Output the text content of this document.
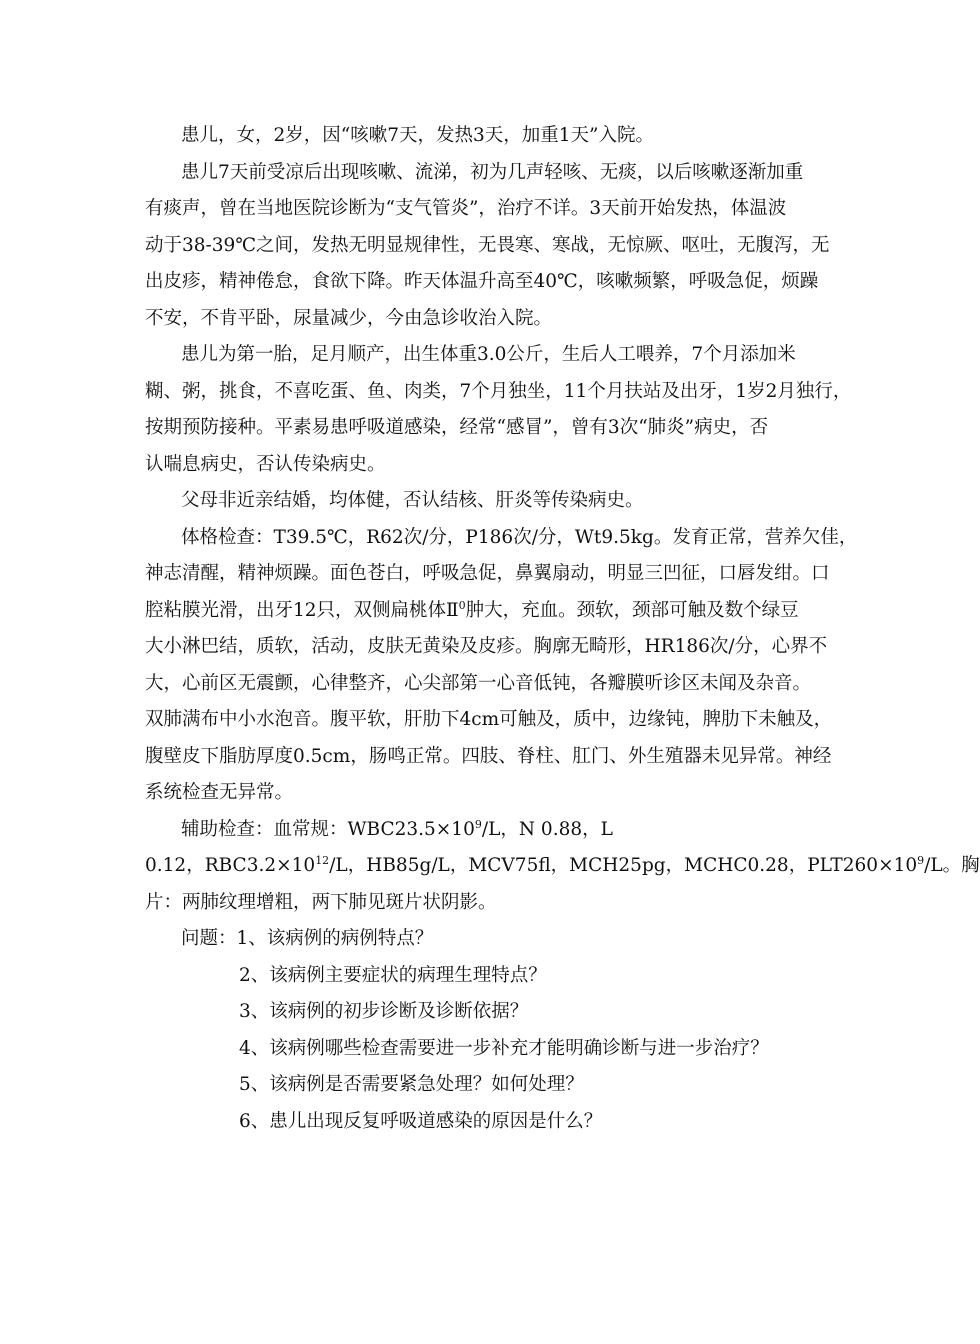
患儿，女，2岁，因“咳嗽7天，发热3天，加重1天”入院。
患儿7天前受凉后出现咳嗽、流涕，初为几声轻咳、无痰，以后咳嗽逐渐加重
有痰声，曾在当地医院诊断为“支气管炎”，治疗不详。3天前开始发热，体温波
动于38-39℃之间，发热无明显规律性，无畏寒、寒战，无惊厥、呕吐，无腹泻，无
出皮疹，精神倦怠，食欲下降。昨天体温升高至40℃，咳嗽频繁，呼吸急促，烦躁
不安，不肯平卧，尿量减少，今由急诊收治入院。
患儿为第一胎，足月顺产，出生体重3.0公斤，生后人工喂养，7个月添加米
糊、粥，挑食，不喜吃蛋、鱼、肉类，7个月独坐，11个月扶站及出牙，1岁2月独行，
按期预防接种。平素易患呼吸道感染，经常“感冒”，曾有3次“肺炎”病史，否
认喘息病史，否认传染病史。
父母非近亲结婚，均体健，否认结核、肝炎等传染病史。
体格检查：T39.5℃，R62次/分，P186次/分，Wt9.5kg。发育正常，营养欠佳，
神志清醒，精神烦躁。面色苍白，呼吸急促，鼻翼扇动，明显三凹征，口唇发绀。口
腔粘膜光滑，出牙12只，双侧扁桃体Ⅱ$^0$肿大，充血。颈软，颈部可触及数个绿豆
大小淋巴结，质软，活动，皮肤无黄染及皮疹。胸廓无畸形，HR186次/分，心界不
大，心前区无震颤，心律整齐，心尖部第一心音低钝，各瓣膜听诊区未闻及杂音。
双肺满布中小水泡音。腹平软，肝肋下4cm可触及，质中，边缘钝，脾肋下未触及，
腹壁皮下脂肪厚度0.5cm，肠鸣正常。四肢、脊柱、肛门、外生殖器未见异常。神经
系统检查无异常。
辅助检查：血常规：$WBC23.5\times 10^9/L$，N 0.88，L
0.12，$RBC3.2\times 10^{12}/L$，HB85g/L，MCV75fl，MCH25pg，MCHC0.28，$PLT260\times 10^9/L$。胸
片：两肺纹理增粗，两下肺见斑片状阴影。
问题：1、该病例的病例特点？
2、该病例主要症状的病理生理特点？
3、该病例的初步诊断及诊断依据？
4、该病例哪些检查需要进一步补充才能明确诊断与进一步治疗？
5、该病例是否需要紧急处理？如何处理？
6、患儿出现反复呼吸道感染的原因是什么？
